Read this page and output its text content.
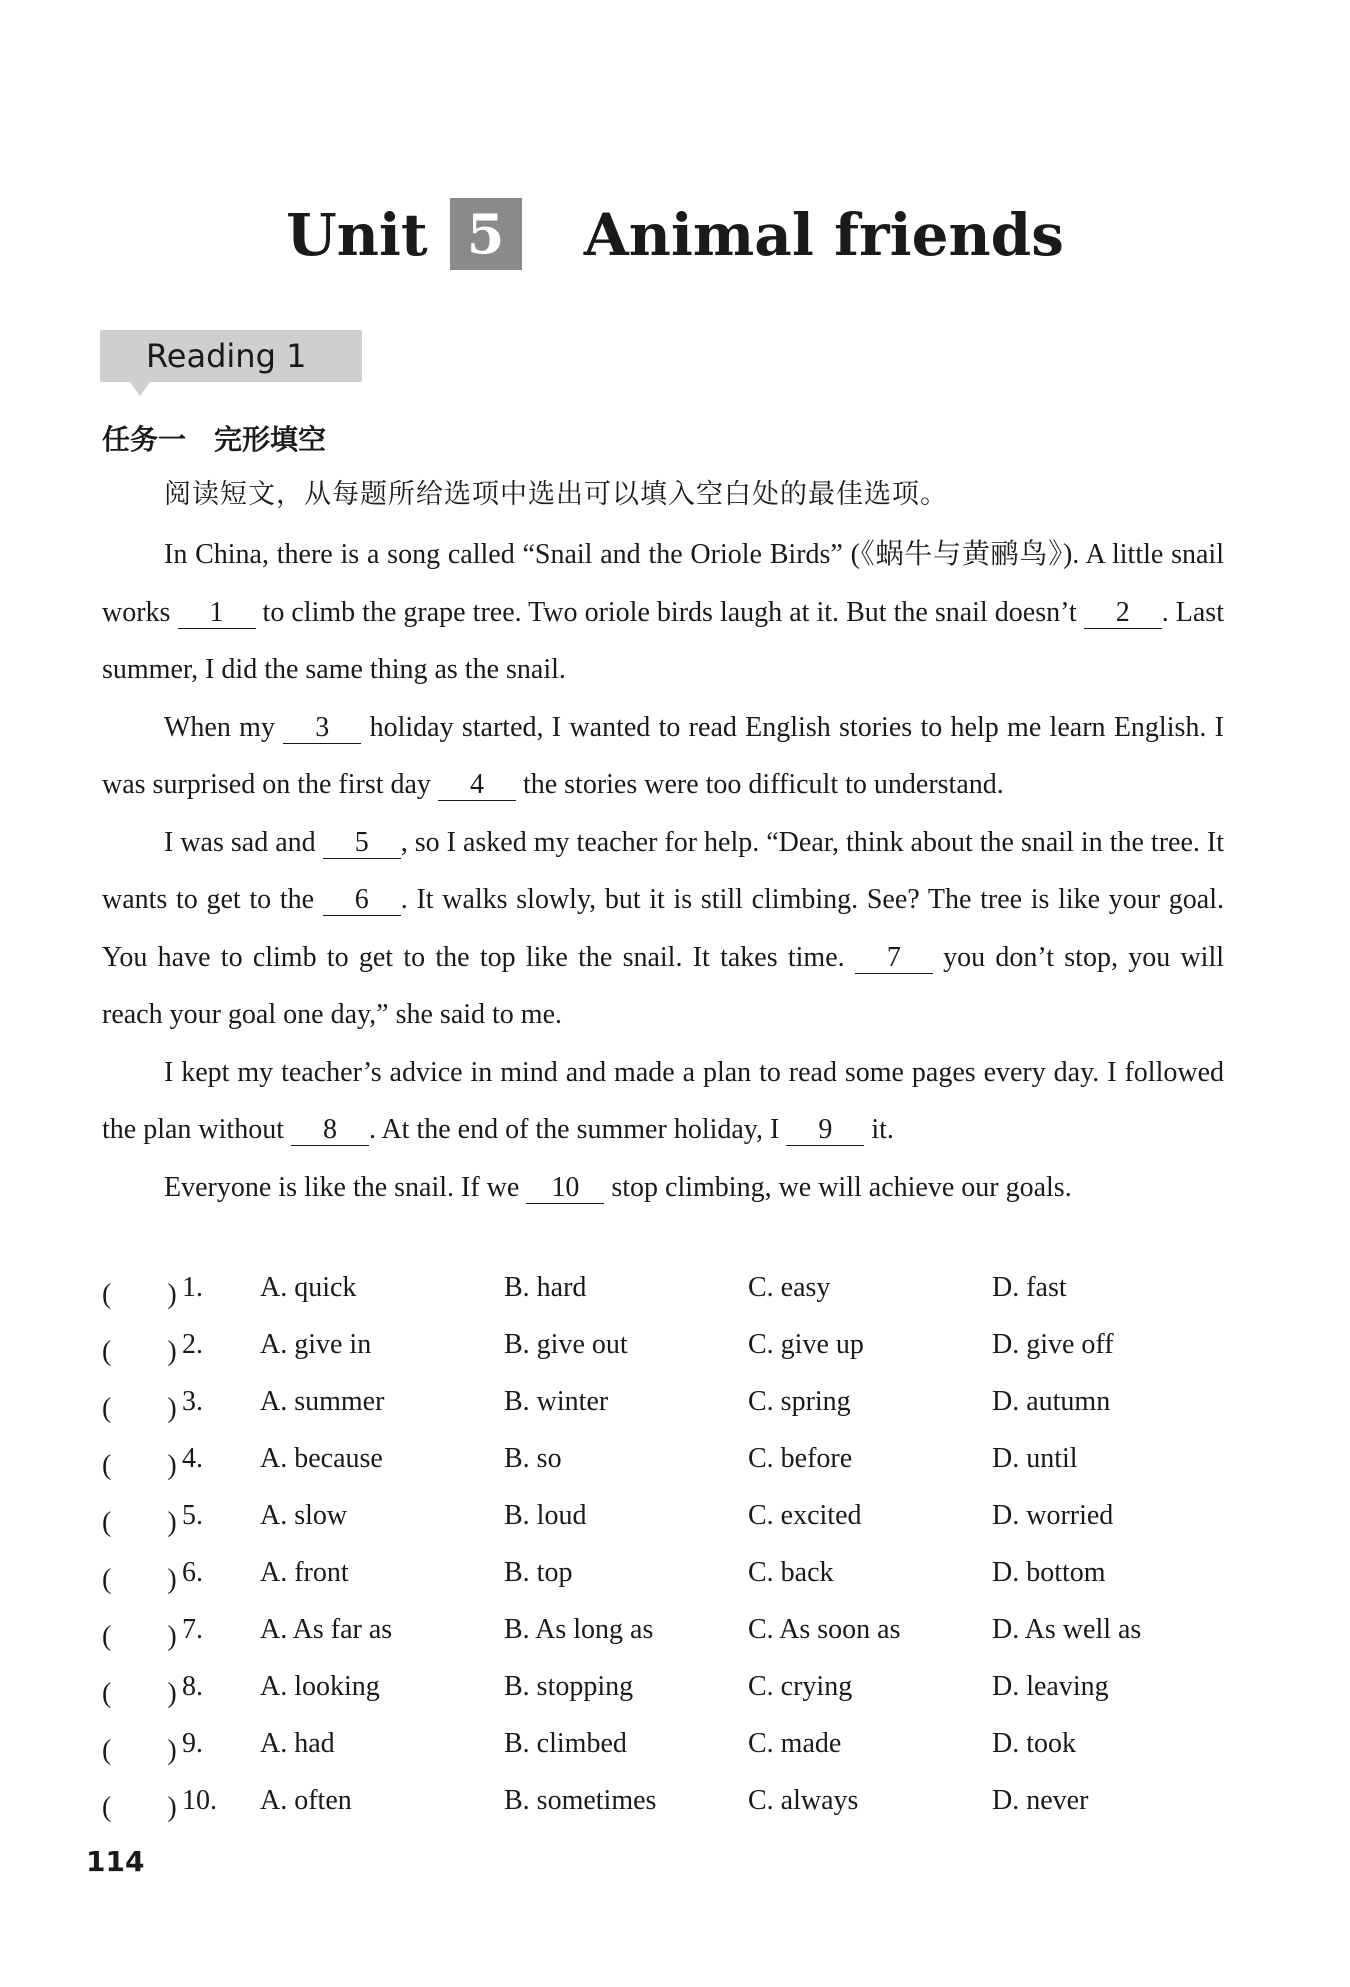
Unit 5 Animal friends
Reading 1
任务一　完形填空
阅读短文，从每题所给选项中选出可以填入空白处的最佳选项。

In China, there is a song called “Snail and the Oriole Birds” (《蜗牛与黄鹂鸟》). A little snail works 1 to climb the grape tree. Two oriole birds laugh at it. But the snail doesn’t 2 . Last summer, I did the same thing as the snail.

When my 3 holiday started, I wanted to read English stories to help me learn English. I was surprised on the first day 4 the stories were too difficult to understand.

I was sad and 5 , so I asked my teacher for help. “Dear, think about the snail in the tree. It wants to get to the 6 . It walks slowly, but it is still climbing. See? The tree is like your goal. You have to climb to get to the top like the snail. It takes time. 7 you don’t stop, you will reach your goal one day,” she said to me.

I kept my teacher’s advice in mind and made a plan to read some pages every day. I followed the plan without 8 . At the end of the summer holiday, I 9 it.

Everyone is like the snail. If we 10 stop climbing, we will achieve our goals.

(　　) 1. A. quick	B. hard	C. easy	D. fast
(　　) 2. A. give in	B. give out	C. give up	D. give off
(　　) 3. A. summer	B. winter	C. spring	D. autumn
(　　) 4. A. because	B. so	C. before	D. until
(　　) 5. A. slow	B. loud	C. excited	D. worried
(　　) 6. A. front	B. top	C. back	D. bottom
(　　) 7. A. As far as	B. As long as	C. As soon as	D. As well as
(　　) 8. A. looking	B. stopping	C. crying	D. leaving
(　　) 9. A. had	B. climbed	C. made	D. took
(　　) 10. A. often	B. sometimes	C. always	D. never
114
